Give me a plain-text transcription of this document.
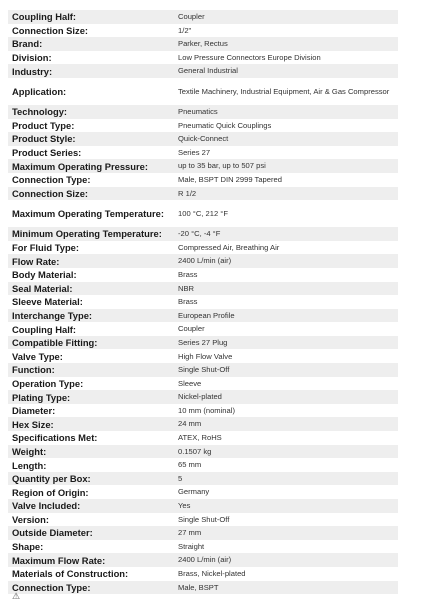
Coupling Half:	Coupler
Connection Size:	1/2"
Brand:	Parker, Rectus
Division:	Low Pressure Connectors Europe Division
Industry:	General Industrial
Application:	Textile Machinery, Industrial Equipment, Air & Gas Compressor
Technology:	Pneumatics
Product Type:	Pneumatic Quick Couplings
Product Style:	Quick-Connect
Product Series:	Series 27
Maximum Operating Pressure:	up to 35 bar, up to 507 psi
Connection Type:	Male, BSPT DIN 2999 Tapered
Connection Size:	R 1/2
Maximum Operating Temperature:	100 °C, 212 °F
Minimum Operating Temperature:	-20 °C, -4 °F
For Fluid Type:	Compressed Air, Breathing Air
Flow Rate:	2400 L/min (air)
Body Material:	Brass
Seal Material:	NBR
Sleeve Material:	Brass
Interchange Type:	European Profile
Coupling Half:	Coupler
Compatible Fitting:	Series 27 Plug
Valve Type:	High Flow Valve
Function:	Single Shut-Off
Operation Type:	Sleeve
Plating Type:	Nickel-plated
Diameter:	10 mm (nominal)
Hex Size:	24 mm
Specifications Met:	ATEX, RoHS
Weight:	0.1507 kg
Length:	65 mm
Quantity per Box:	5
Region of Origin:	Germany
Valve Included:	Yes
Version:	Single Shut-Off
Outside Diameter:	27 mm
Shape:	Straight
Maximum Flow Rate:	2400 L/min (air)
Materials of Construction:	Brass, Nickel-plated
Connection Type:	Male, BSPT
⚠
